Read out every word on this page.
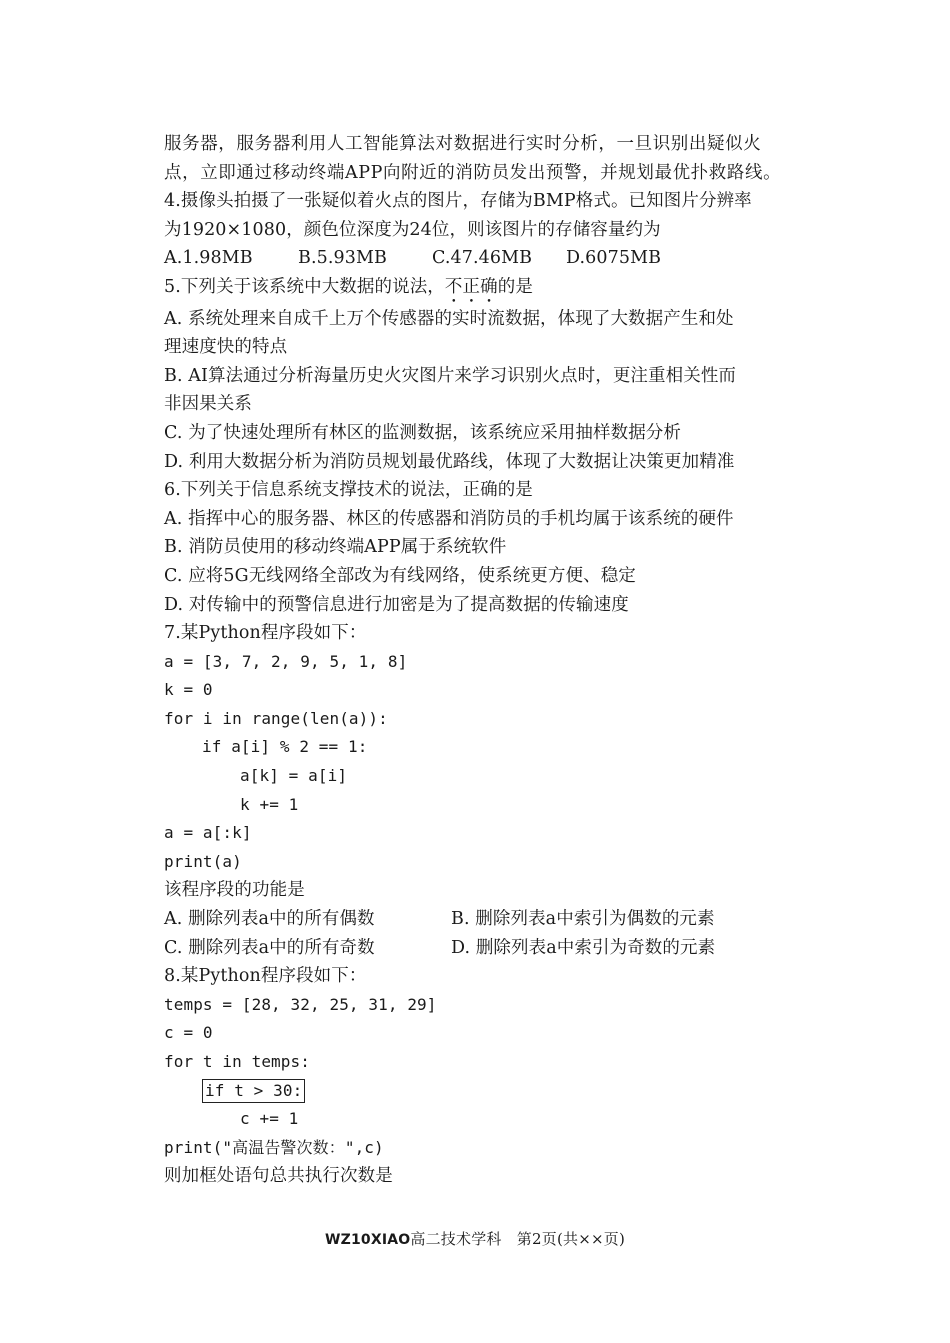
服务器，服务器利用人工智能算法对数据进行实时分析，一旦识别出疑似火
点，立即通过移动终端APP向附近的消防员发出预警，并规划最优扑救路线。
4.摄像头拍摄了一张疑似着火点的图片，存储为BMP格式。已知图片分辨率
为1920×1080，颜色位深度为24位，则该图片的存储容量约为
A.1.98MB	B.5.93MB	C.47.46MB	D.6075MB
5.下列关于该系统中大数据的说法，不正确的是
A. 系统处理来自成千上万个传感器的实时流数据，体现了大数据产生和处
理速度快的特点
B. AI算法通过分析海量历史火灾图片来学习识别火点时，更注重相关性而
非因果关系
C. 为了快速处理所有林区的监测数据，该系统应采用抽样数据分析
D. 利用大数据分析为消防员规划最优路线，体现了大数据让决策更加精准
6.下列关于信息系统支撑技术的说法，正确的是
A. 指挥中心的服务器、林区的传感器和消防员的手机均属于该系统的硬件
B. 消防员使用的移动终端APP属于系统软件
C. 应将5G无线网络全部改为有线网络，使系统更方便、稳定
D. 对传输中的预警信息进行加密是为了提高数据的传输速度
7.某Python程序段如下：
a = [3, 7, 2, 9, 5, 1, 8]
k = 0
for i in range(len(a)):
if a[i] % 2 == 1:
a[k] = a[i]
k += 1
a = a[:k]
print(a)
该程序段的功能是
A. 删除列表a中的所有偶数	B. 删除列表a中索引为偶数的元素
C. 删除列表a中的所有奇数	D. 删除列表a中索引为奇数的元素
8.某Python程序段如下：
temps = [28, 32, 25, 31, 29]
c = 0
for t in temps:
if t > 30:
c += 1
print("高温告警次数：",c)
则加框处语句总共执行次数是
WZ10XIAO高二技术学科　第2页(共××页)
